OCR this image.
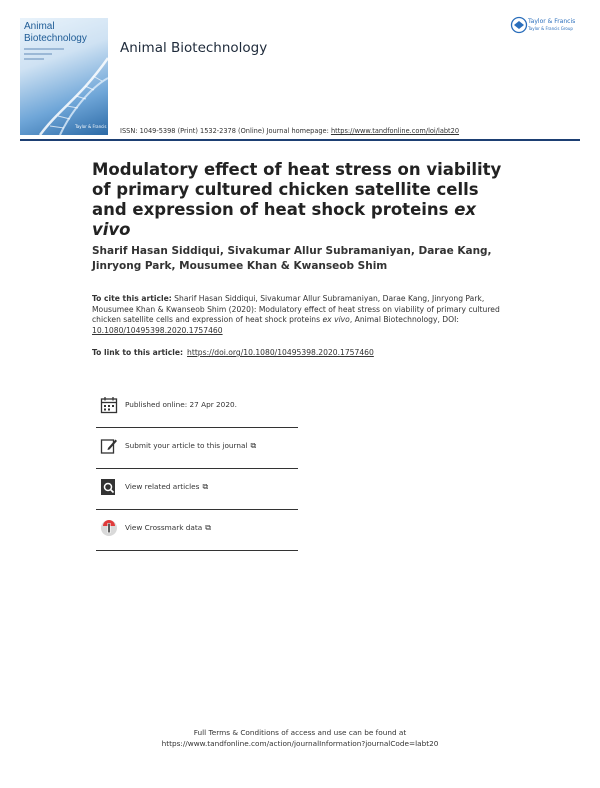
Animal
Biotechnology
Taylor & Francis
Animal Biotechnology
Taylor & Francis
Taylor & Francis Group
ISSN: 1049-5398 (Print) 1532-2378 (Online) Journal homepage: https://www.tandfonline.com/loi/labt20
Modulatory effect of heat stress on viability of primary cultured chicken satellite cells and expression of heat shock proteins ex vivo
Sharif Hasan Siddiqui, Sivakumar Allur Subramaniyan, Darae Kang, Jinryong Park, Mousumee Khan & Kwanseob Shim
To cite this article: Sharif Hasan Siddiqui, Sivakumar Allur Subramaniyan, Darae Kang, Jinryong Park, Mousumee Khan & Kwanseob Shim (2020): Modulatory effect of heat stress on viability of primary cultured chicken satellite cells and expression of heat shock proteins ex vivo, Animal Biotechnology, DOI: 10.1080/10495398.2020.1757460
To link to this article: https://doi.org/10.1080/10495398.2020.1757460
Published online: 27 Apr 2020.
Submit your article to this journal ⧉
View related articles ⧉
View Crossmark data ⧉
Full Terms & Conditions of access and use can be found at
https://www.tandfonline.com/action/journalInformation?journalCode=labt20
